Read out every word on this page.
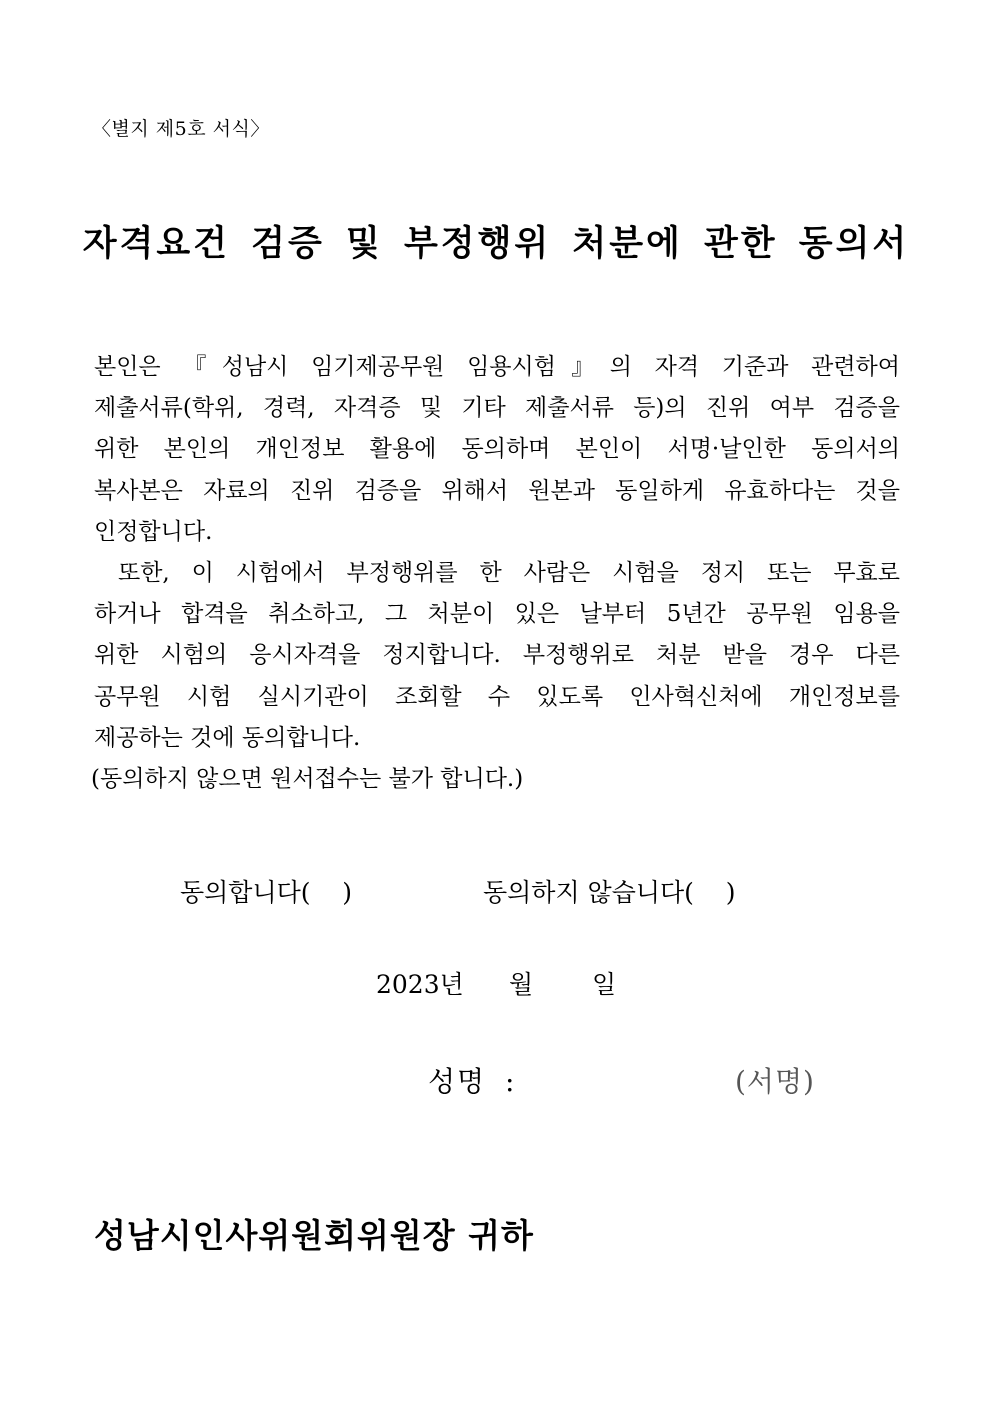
〈별지 제5호 서식〉
자격요건 검증 및 부정행위 처분에 관한 동의서
본인은 『성남시 임기제공무원 임용시험』의 자격 기준과 관련하여
제출서류(학위, 경력, 자격증 및 기타 제출서류 등)의 진위 여부 검증을
위한 본인의 개인정보 활용에 동의하며 본인이 서명·날인한 동의서의
복사본은 자료의 진위 검증을 위해서 원본과 동일하게 유효하다는 것을
인정합니다.
또한, 이 시험에서 부정행위를 한 사람은 시험을 정지 또는 무효로
하거나 합격을 취소하고, 그 처분이 있은 날부터 5년간 공무원 임용을
위한 시험의 응시자격을 정지합니다. 부정행위로 처분 받을 경우 다른
공무원 시험 실시기관이 조회할 수 있도록 인사혁신처에 개인정보를
제공하는 것에 동의합니다.
(동의하지 않으면 원서접수는 불가 합니다.)
동의합니다(    )	동의하지 않습니다(    )
2023년 월 일
성명 :	(서명)
성남시인사위원회위원장 귀하
